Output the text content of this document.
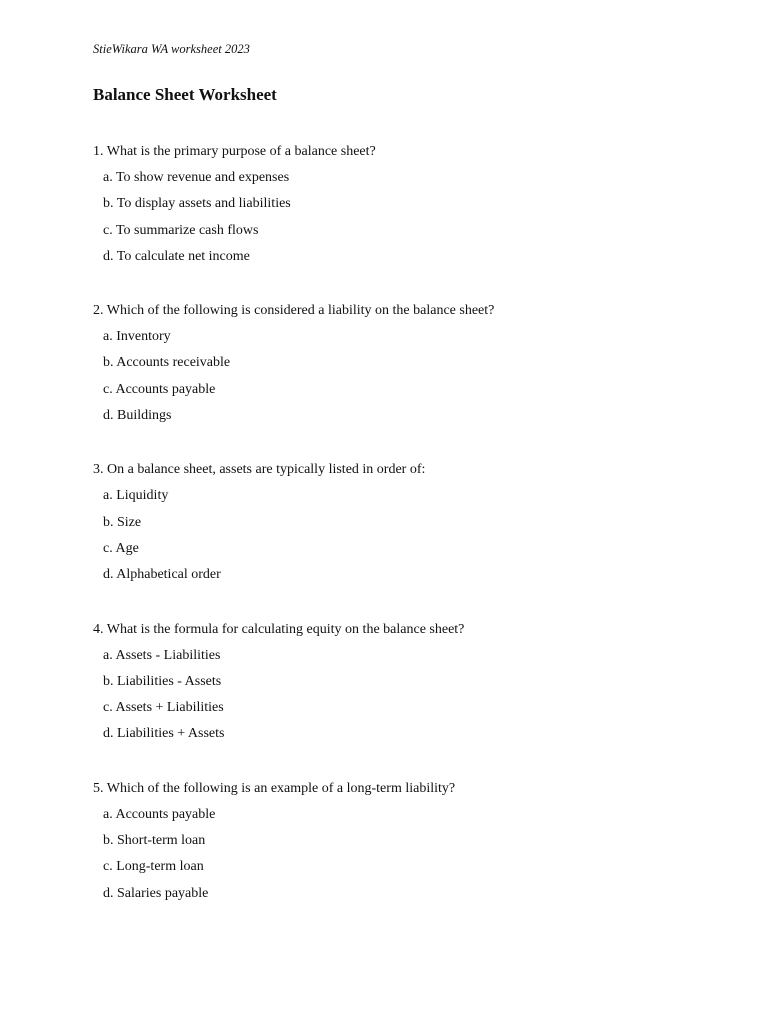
StieWikara WA worksheet 2023

Balance Sheet Worksheet

1. What is the primary purpose of a balance sheet?

a. To show revenue and expenses
b. To display assets and liabilities
c. To summarize cash flows
d. To calculate net income

2. Which of the following is considered a liability on the balance sheet?

a. Inventory
b. Accounts receivable
c. Accounts payable
d. Buildings

3. On a balance sheet, assets are typically listed in order of:

a. Liquidity
b. Size
c. Age
d. Alphabetical order

4. What is the formula for calculating equity on the balance sheet?

a. Assets - Liabilities
b. Liabilities - Assets
c. Assets + Liabilities
d. Liabilities + Assets

5. Which of the following is an example of a long-term liability?

a. Accounts payable
b. Short-term loan
c. Long-term loan
d. Salaries payable
